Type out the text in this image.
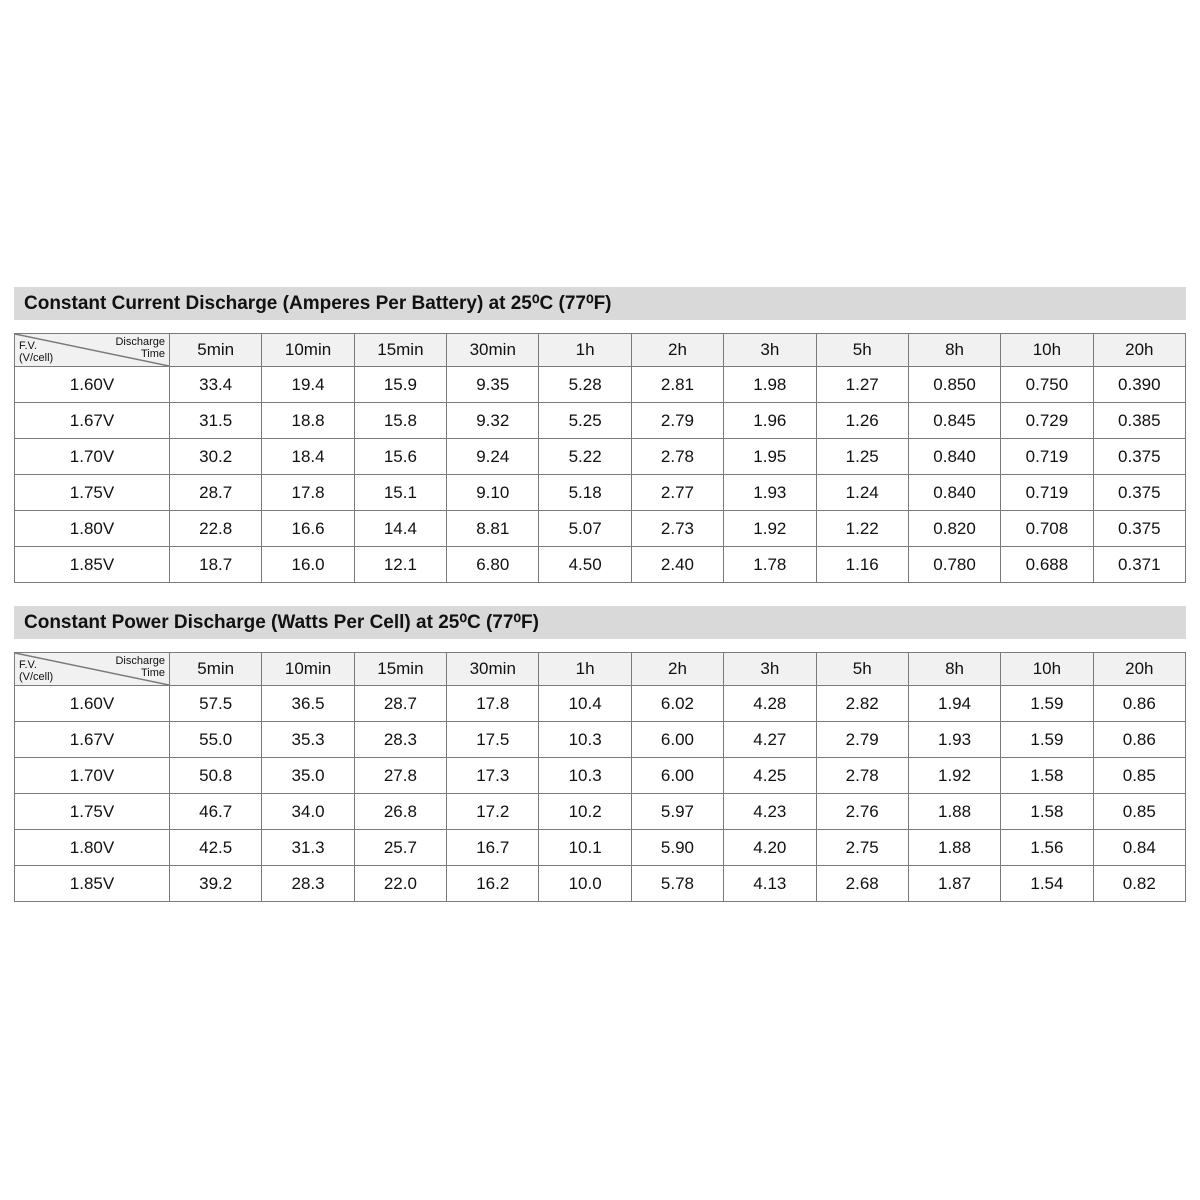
Constant Current Discharge (Amperes Per Battery) at 25⁰C (77⁰F)
Discharge
Time
F.V.
(V/cell)	5min	10min	15min	30min	1h	2h	3h	5h	8h	10h	20h
1.60V	33.4	19.4	15.9	9.35	5.28	2.81	1.98	1.27	0.850	0.750	0.390
1.67V	31.5	18.8	15.8	9.32	5.25	2.79	1.96	1.26	0.845	0.729	0.385
1.70V	30.2	18.4	15.6	9.24	5.22	2.78	1.95	1.25	0.840	0.719	0.375
1.75V	28.7	17.8	15.1	9.10	5.18	2.77	1.93	1.24	0.840	0.719	0.375
1.80V	22.8	16.6	14.4	8.81	5.07	2.73	1.92	1.22	0.820	0.708	0.375
1.85V	18.7	16.0	12.1	6.80	4.50	2.40	1.78	1.16	0.780	0.688	0.371
Constant Power Discharge (Watts Per Cell) at 25⁰C (77⁰F)
Discharge
Time
F.V.
(V/cell)	5min	10min	15min	30min	1h	2h	3h	5h	8h	10h	20h
1.60V	57.5	36.5	28.7	17.8	10.4	6.02	4.28	2.82	1.94	1.59	0.86
1.67V	55.0	35.3	28.3	17.5	10.3	6.00	4.27	2.79	1.93	1.59	0.86
1.70V	50.8	35.0	27.8	17.3	10.3	6.00	4.25	2.78	1.92	1.58	0.85
1.75V	46.7	34.0	26.8	17.2	10.2	5.97	4.23	2.76	1.88	1.58	0.85
1.80V	42.5	31.3	25.7	16.7	10.1	5.90	4.20	2.75	1.88	1.56	0.84
1.85V	39.2	28.3	22.0	16.2	10.0	5.78	4.13	2.68	1.87	1.54	0.82
